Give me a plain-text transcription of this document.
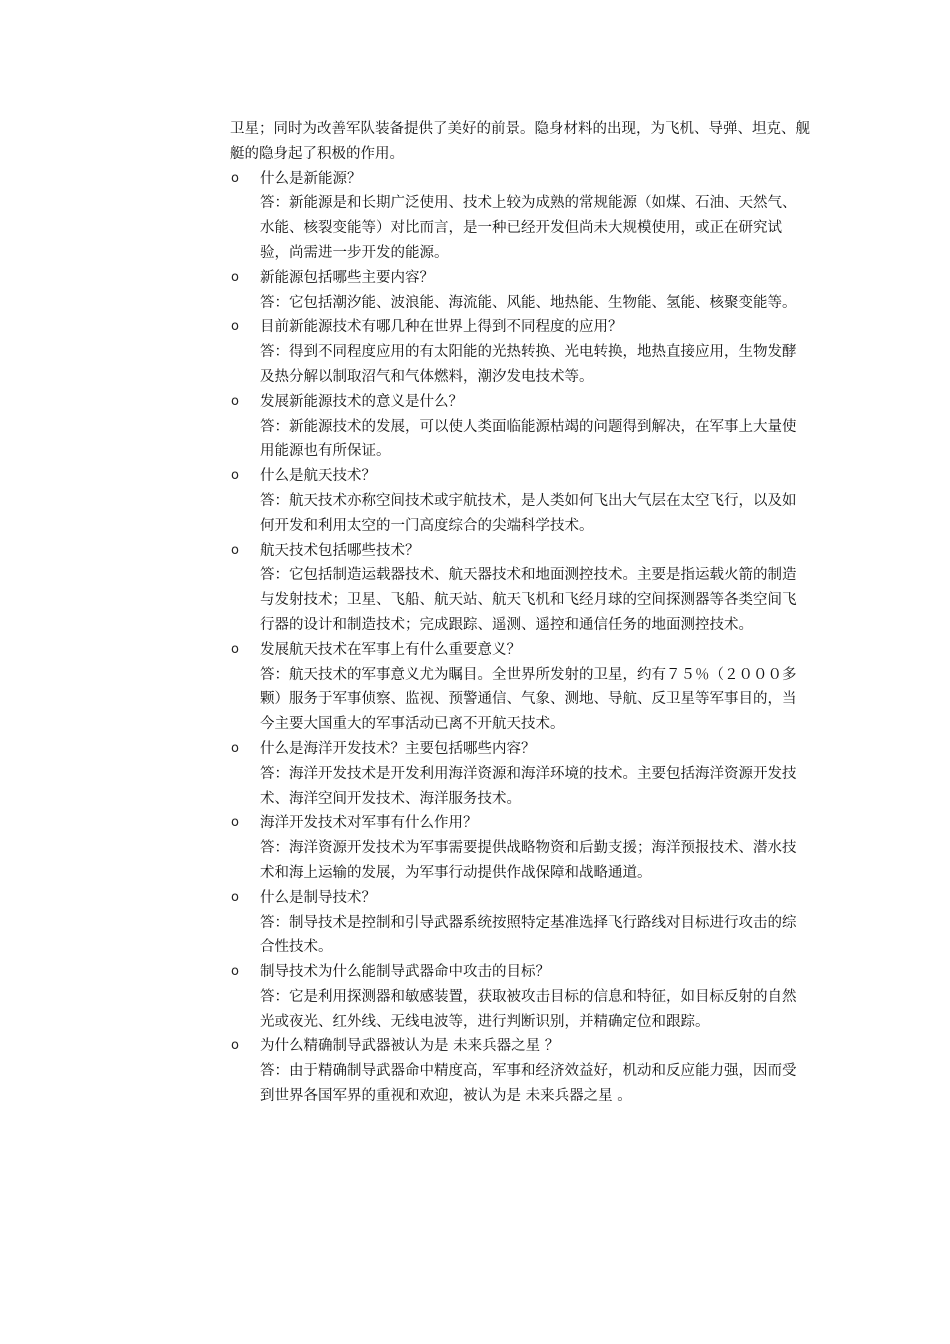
卫星；同时为改善军队装备提供了美好的前景。隐身材料的出现，为飞机、导弹、坦克、舰艇的隐身起了积极的作用。

o 什么是新能源？
答：新能源是和长期广泛使用、技术上较为成熟的常规能源（如煤、石油、天然气、水能、核裂变能等）对比而言，是一种已经开发但尚未大规模使用，或正在研究试验，尚需进一步开发的能源。
o 新能源包括哪些主要内容？
答：它包括潮汐能、波浪能、海流能、风能、地热能、生物能、氢能、核聚变能等。
o 目前新能源技术有哪几种在世界上得到不同程度的应用？
答：得到不同程度应用的有太阳能的光热转换、光电转换，地热直接应用，生物发酵及热分解以制取沼气和气体燃料，潮汐发电技术等。
o 发展新能源技术的意义是什么？
答：新能源技术的发展，可以使人类面临能源枯竭的问题得到解决，在军事上大量使用能源也有所保证。
o 什么是航天技术？
答：航天技术亦称空间技术或宇航技术，是人类如何飞出大气层在太空飞行，以及如何开发和利用太空的一门高度综合的尖端科学技术。
o 航天技术包括哪些技术？
答：它包括制造运载器技术、航天器技术和地面测控技术。主要是指运载火箭的制造与发射技术；卫星、飞船、航天站、航天飞机和飞经月球的空间探测器等各类空间飞行器的设计和制造技术；完成跟踪、遥测、遥控和通信任务的地面测控技术。
o 发展航天技术在军事上有什么重要意义？
答：航天技术的军事意义尤为瞩目。全世界所发射的卫星，约有７５％（２０００多颗）服务于军事侦察、监视、预警通信、气象、测地、导航、反卫星等军事目的，当今主要大国重大的军事活动已离不开航天技术。
o 什么是海洋开发技术？主要包括哪些内容？
答：海洋开发技术是开发利用海洋资源和海洋环境的技术。主要包括海洋资源开发技术、海洋空间开发技术、海洋服务技术。
o 海洋开发技术对军事有什么作用？
答：海洋资源开发技术为军事需要提供战略物资和后勤支援；海洋预报技术、潜水技术和海上运输的发展，为军事行动提供作战保障和战略通道。
o 什么是制导技术？
答：制导技术是控制和引导武器系统按照特定基准选择飞行路线对目标进行攻击的综合性技术。
o 制导技术为什么能制导武器命中攻击的目标？
答：它是利用探测器和敏感装置，获取被攻击目标的信息和特征，如目标反射的自然光或夜光、红外线、无线电波等，进行判断识别，并精确定位和跟踪。
o 为什么精确制导武器被认为是 未来兵器之星 ？
答：由于精确制导武器命中精度高，军事和经济效益好，机动和反应能力强，因而受到世界各国军界的重视和欢迎，被认为是 未来兵器之星 。
